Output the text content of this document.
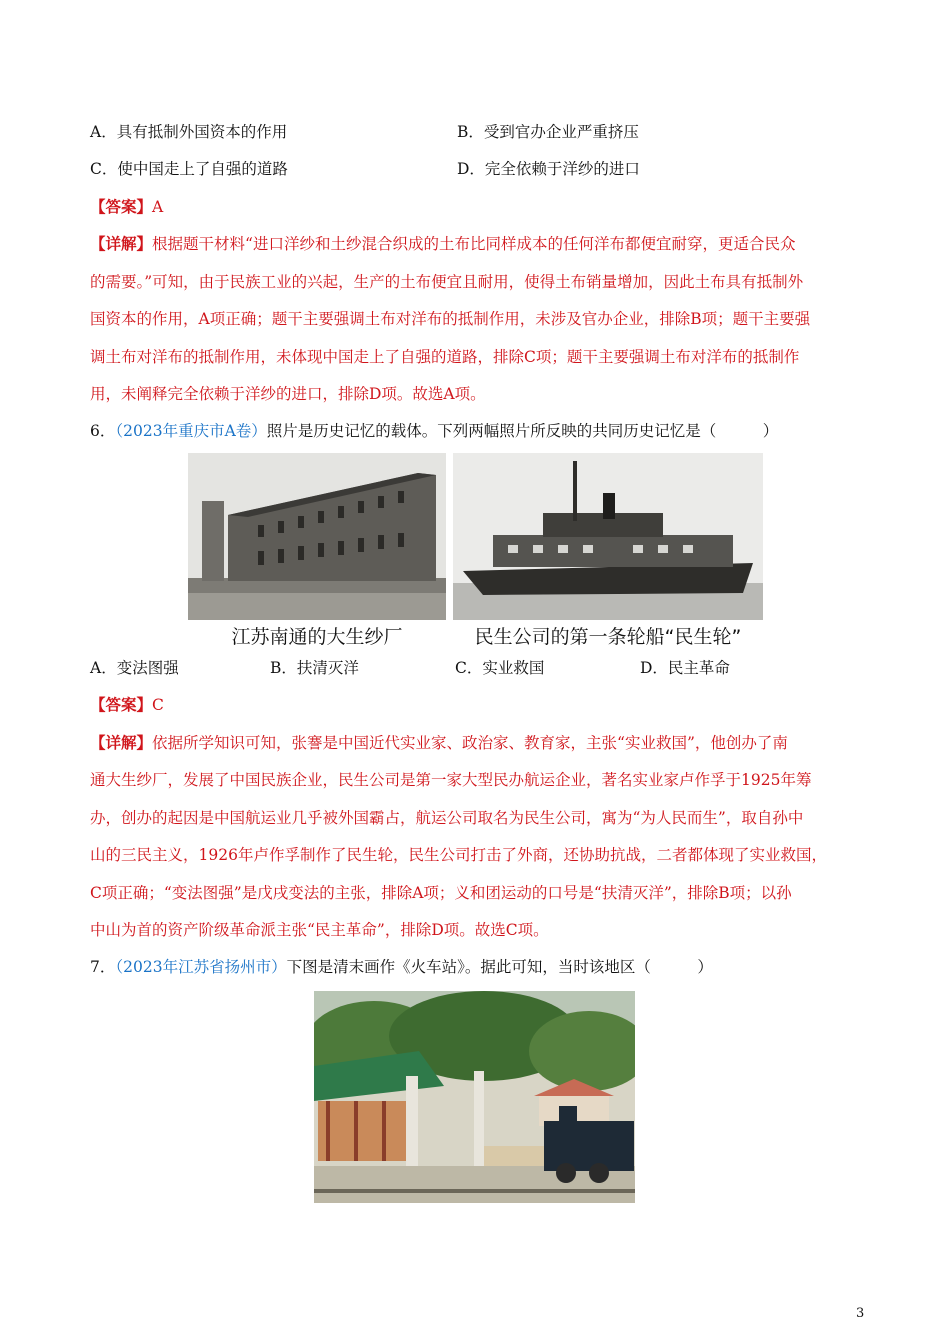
A．具有抵制外国资本的作用	B．受到官办企业严重挤压
C．使中国走上了自强的道路	D．完全依赖于洋纱的进口
【答案】A
【详解】根据题干材料“进口洋纱和土纱混合织成的土布比同样成本的任何洋布都便宜耐穿，更适合民众
的需要。”可知，由于民族工业的兴起，生产的土布便宜且耐用，使得土布销量增加，因此土布具有抵制外
国资本的作用，A项正确；题干主要强调土布对洋布的抵制作用，未涉及官办企业，排除B项；题干主要强
调土布对洋布的抵制作用，未体现中国走上了自强的道路，排除C项；题干主要强调土布对洋布的抵制作
用，未阐释完全依赖于洋纱的进口，排除D项。故选A项。
6．（2023年重庆市A卷）照片是历史记忆的载体。下列两幅照片所反映的共同历史记忆是（　　　）
江苏南通的大生纱厂	民生公司的第一条轮船“民生轮”
A．变法图强	B．扶清灭洋	C．实业救国	D．民主革命
【答案】C
【详解】依据所学知识可知，张謇是中国近代实业家、政治家、教育家，主张“实业救国”，他创办了南
通大生纱厂，发展了中国民族企业，民生公司是第一家大型民办航运企业，著名实业家卢作孚于1925年筹
办，创办的起因是中国航运业几乎被外国霸占，航运公司取名为民生公司，寓为“为人民而生”，取自孙中
山的三民主义，1926年卢作孚制作了民生轮，民生公司打击了外商，还协助抗战，二者都体现了实业救国，
C项正确；“变法图强”是戊戌变法的主张，排除A项；义和团运动的口号是“扶清灭洋”，排除B项；以孙
中山为首的资产阶级革命派主张“民主革命”，排除D项。故选C项。
7．（2023年江苏省扬州市）下图是清末画作《火车站》。据此可知，当时该地区（　　　）
3
